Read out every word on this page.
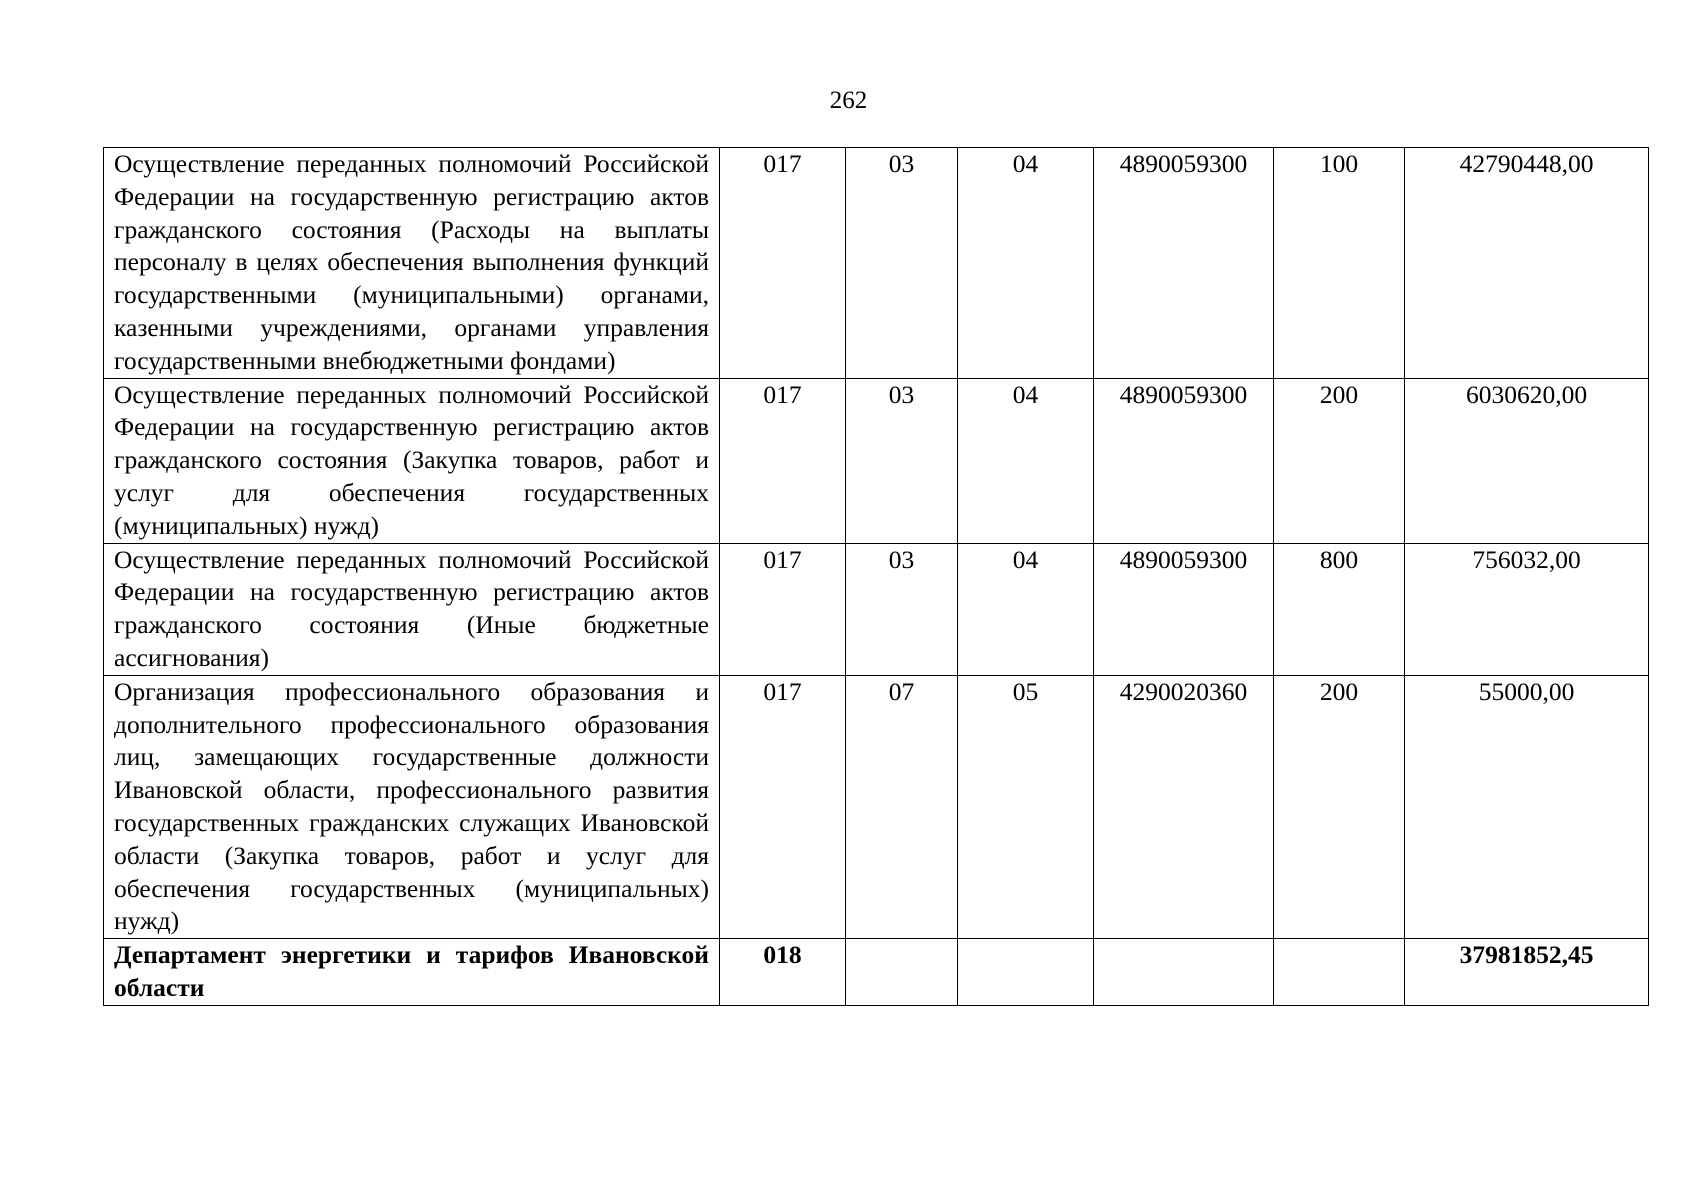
262
Осуществление переданных полномочий Российской Федерации на государственную регистрацию актов гражданского состояния (Расходы на выплаты персоналу в целях обеспечения выполнения функций государственными (муниципальными) органами, казенными учреждениями, органами управления государственными внебюджетными фондами)	017	03	04	4890059300	100	42790448,00
Осуществление переданных полномочий Российской Федерации на государственную регистрацию актов гражданского состояния (Закупка товаров, работ и услуг для обеспечения государственных (муниципальных) нужд)	017	03	04	4890059300	200	6030620,00
Осуществление переданных полномочий Российской Федерации на государственную регистрацию актов гражданского состояния (Иные бюджетные ассигнования)	017	03	04	4890059300	800	756032,00
Организация профессионального образования и дополнительного профессионального образования лиц, замещающих государственные должности Ивановской области, профессионального развития государственных гражданских служащих Ивановской области (Закупка товаров, работ и услуг для обеспечения государственных (муниципальных) нужд)	017	07	05	4290020360	200	55000,00
Департамент энергетики и тарифов Ивановской области	018					37981852,45
